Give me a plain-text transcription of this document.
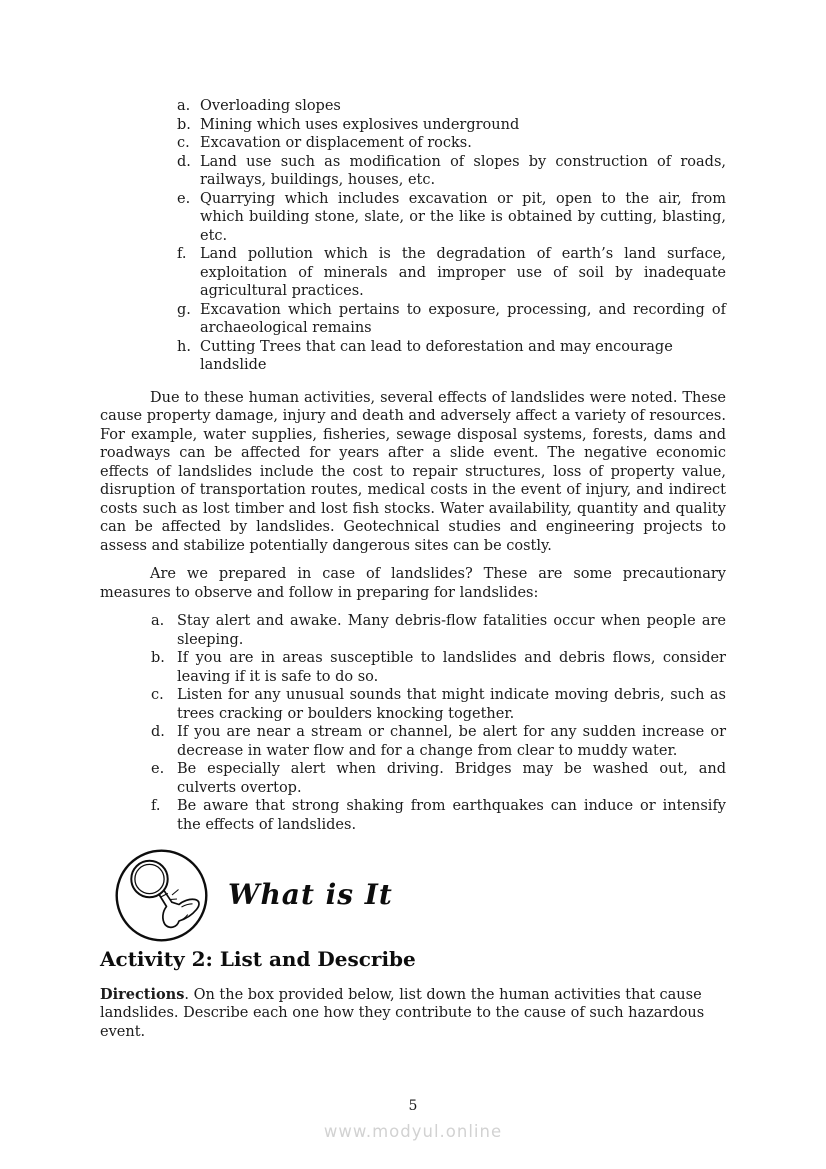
a. Overloading slopes
b. Mining which uses explosives underground
c. Excavation or displacement of rocks.
d. Land use such as modification of slopes by construction of roads, railways, buildings, houses, etc.
e. Quarrying which includes excavation or pit, open to the air, from which building stone, slate, or the like is obtained by cutting, blasting, etc.
f. Land pollution which is the degradation of earth’s land surface, exploitation of minerals and improper use of soil by inadequate agricultural practices.
g. Excavation which pertains to exposure, processing, and recording of archaeological remains
h. Cutting Trees that can lead to deforestation and may encourage landslide

Due to these human activities, several effects of landslides were noted. These cause property damage, injury and death and adversely affect a variety of resources. For example, water supplies, fisheries, sewage disposal systems, forests, dams and roadways can be affected for years after a slide event. The negative economic effects of landslides include the cost to repair structures, loss of property value, disruption of transportation routes, medical costs in the event of injury, and indirect costs such as lost timber and lost fish stocks. Water availability, quantity and quality can be affected by landslides. Geotechnical studies and engineering projects to assess and stabilize potentially dangerous sites can be costly.

Are we prepared in case of landslides? These are some precautionary measures to observe and follow in preparing for landslides:

a. Stay alert and awake. Many debris-flow fatalities occur when people are sleeping.
b. If you are in areas susceptible to landslides and debris flows, consider leaving if it is safe to do so.
c. Listen for any unusual sounds that might indicate moving debris, such as trees cracking or boulders knocking together.
d. If you are near a stream or channel, be alert for any sudden increase or decrease in water flow and for a change from clear to muddy water.
e. Be especially alert when driving. Bridges may be washed out, and culverts overtop.
f.	Be aware that strong shaking from earthquakes can induce or intensify the effects of landslides.
What is It
Activity 2: List and Describe

Directions. On the box provided below, list down the human activities that cause landslides. Describe each one how they contribute to the cause of such hazardous event.

5
www.modyul.online
